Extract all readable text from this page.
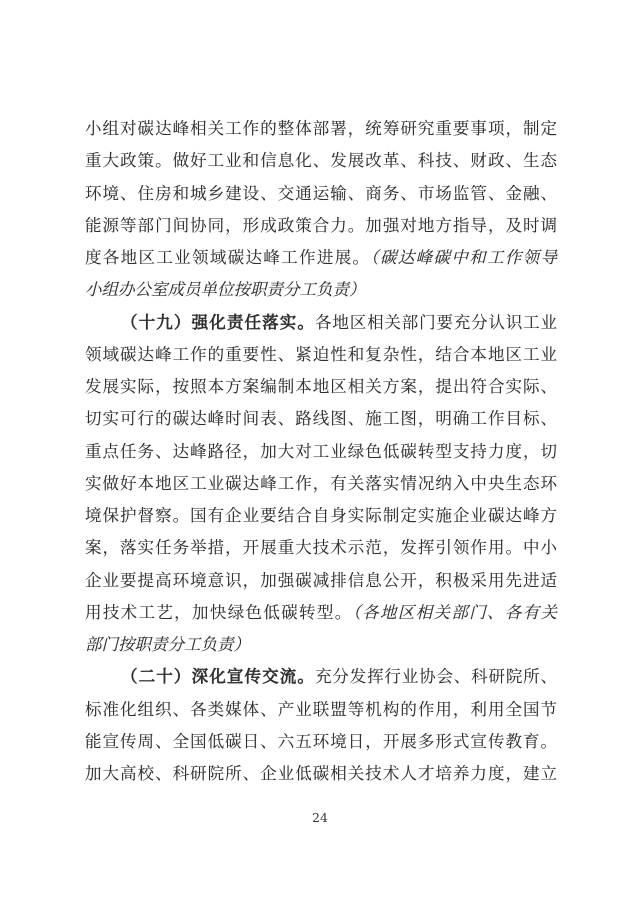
小组对碳达峰相关工作的整体部署，统筹研究重要事项，制定
重大政策。做好工业和信息化、发展改革、科技、财政、生态
环境、住房和城乡建设、交通运输、商务、市场监管、金融、
能源等部门间协同，形成政策合力。加强对地方指导，及时调
度各地区工业领域碳达峰工作进展。（碳达峰碳中和工作领导
小组办公室成员单位按职责分工负责）
（十九）强化责任落实。各地区相关部门要充分认识工业
领域碳达峰工作的重要性、紧迫性和复杂性，结合本地区工业
发展实际，按照本方案编制本地区相关方案，提出符合实际、
切实可行的碳达峰时间表、路线图、施工图，明确工作目标、
重点任务、达峰路径，加大对工业绿色低碳转型支持力度，切
实做好本地区工业碳达峰工作，有关落实情况纳入中央生态环
境保护督察。国有企业要结合自身实际制定实施企业碳达峰方
案，落实任务举措，开展重大技术示范，发挥引领作用。中小
企业要提高环境意识，加强碳减排信息公开，积极采用先进适
用技术工艺，加快绿色低碳转型。（各地区相关部门、各有关
部门按职责分工负责）
（二十）深化宣传交流。充分发挥行业协会、科研院所、
标准化组织、各类媒体、产业联盟等机构的作用，利用全国节
能宣传周、全国低碳日、六五环境日，开展多形式宣传教育。
加大高校、科研院所、企业低碳相关技术人才培养力度，建立
24
